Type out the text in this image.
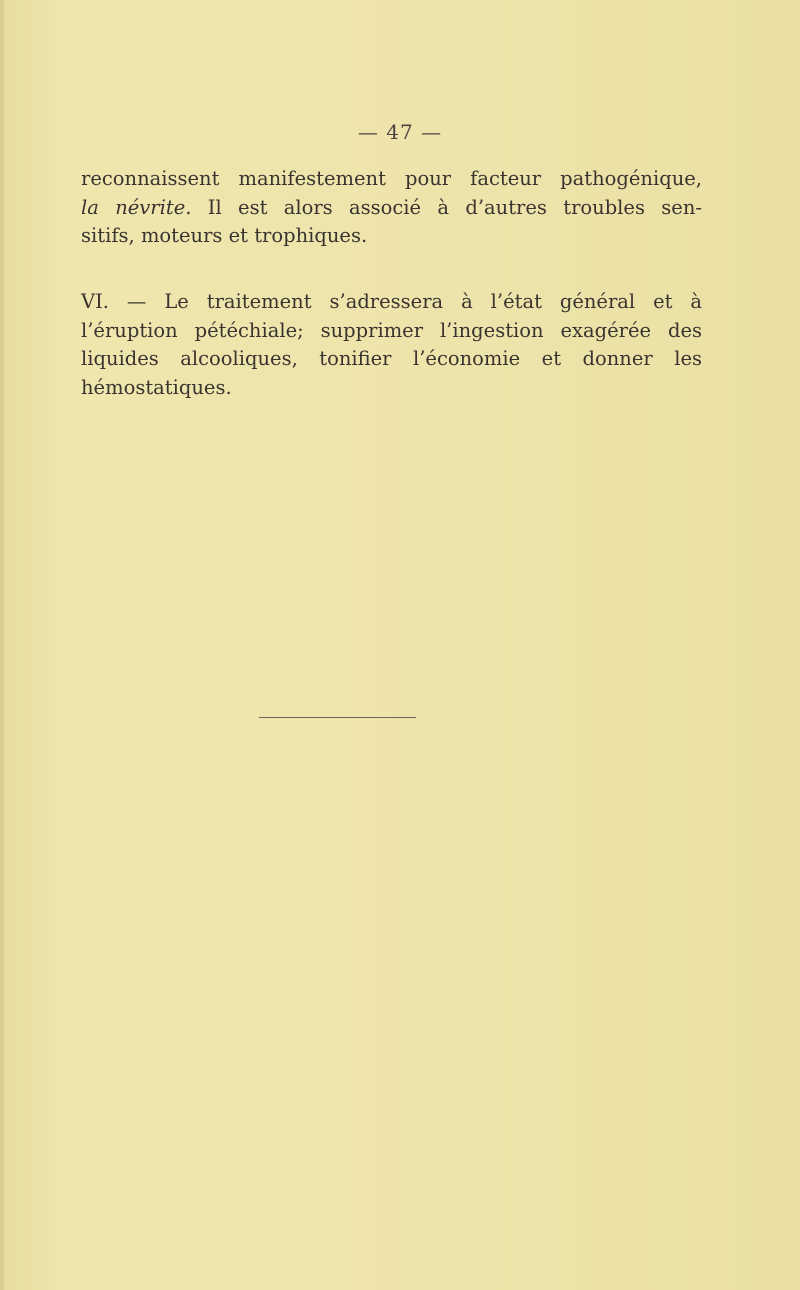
— 47 —
reconnaissent manifestement pour facteur pathogénique,
la névrite. Il est alors associé à d’autres troubles sen-
sitifs, moteurs et trophiques.
VI. — Le traitement s’adressera à l’état général et à
l’éruption pétéchiale; supprimer l’ingestion exagérée des
liquides alcooliques, tonifier l’économie et donner les
hémostatiques.
